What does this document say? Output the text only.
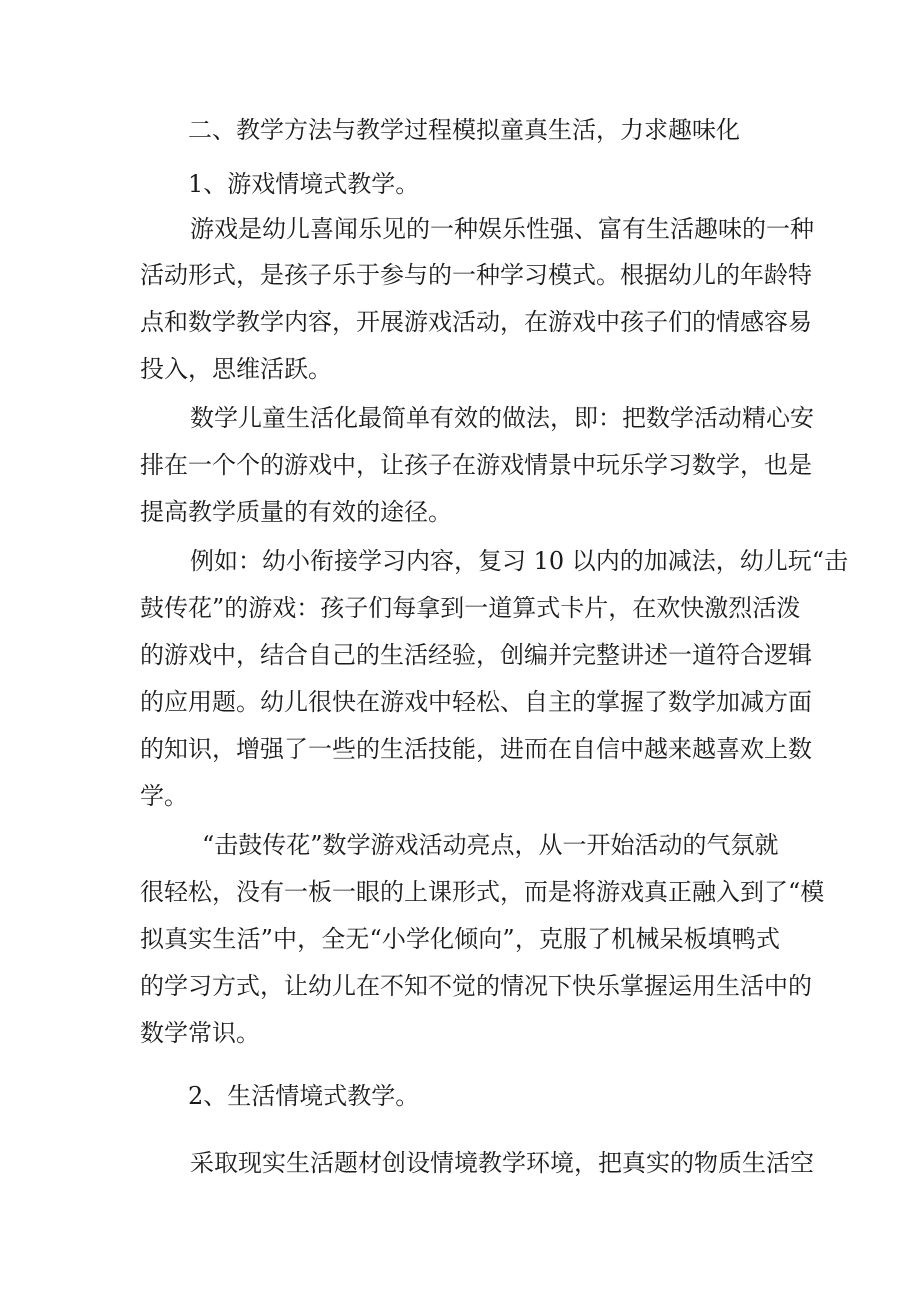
二、教学方法与教学过程模拟童真生活，力求趣味化
1、游戏情境式教学。
游戏是幼儿喜闻乐见的一种娱乐性强、富有生活趣味的一种
活动形式，是孩子乐于参与的一种学习模式。根据幼儿的年龄特
点和数学教学内容，开展游戏活动，在游戏中孩子们的情感容易
投入，思维活跃。
数学儿童生活化最简单有效的做法，即：把数学活动精心安
排在一个个的游戏中，让孩子在游戏情景中玩乐学习数学，也是
提高教学质量的有效的途径。
例如：幼小衔接学习内容，复习 10 以内的加减法，幼儿玩“击
鼓传花”的游戏：孩子们每拿到一道算式卡片，在欢快激烈活泼
的游戏中，结合自己的生活经验，创编并完整讲述一道符合逻辑
的应用题。幼儿很快在游戏中轻松、自主的掌握了数学加减方面
的知识，增强了一些的生活技能，进而在自信中越来越喜欢上数
学。
“击鼓传花”数学游戏活动亮点，从一开始活动的气氛就
很轻松，没有一板一眼的上课形式，而是将游戏真正融入到了“模
拟真实生活”中，全无“小学化倾向”，克服了机械呆板填鸭式
的学习方式，让幼儿在不知不觉的情况下快乐掌握运用生活中的
数学常识。
2、生活情境式教学。
采取现实生活题材创设情境教学环境，把真实的物质生活空
